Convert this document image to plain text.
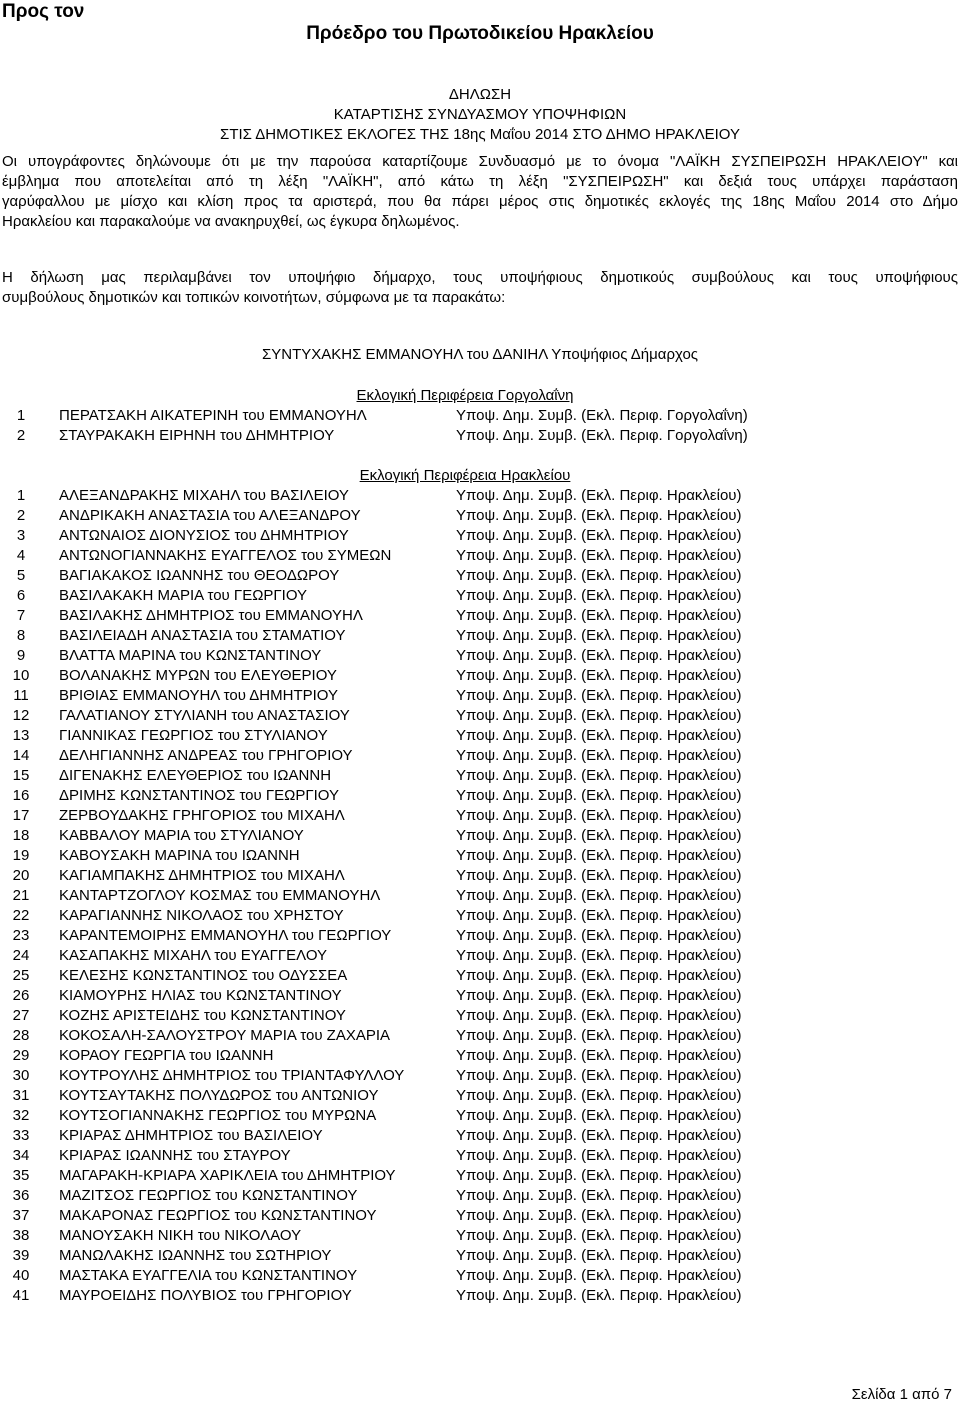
Προς τον
Πρόεδρο του Πρωτοδικείου Ηρακλείου
ΔΗΛΩΣΗ
ΚΑΤΑΡΤΙΣΗΣ ΣΥΝΔΥΑΣΜΟΥ ΥΠΟΨΗΦΙΩΝ
ΣΤΙΣ ΔΗΜΟΤΙΚΕΣ ΕΚΛΟΓΕΣ ΤΗΣ 18ης Μαΐου 2014 ΣΤΟ ΔΗΜΟ ΗΡΑΚΛΕΙΟΥ
Οι υπογράφοντες δηλώνουμε ότι με την παρούσα καταρτίζουμε Συνδυασμό με το όνομα "ΛΑΪΚΗ ΣΥΣΠΕΙΡΩΣΗ ΗΡΑΚΛΕΙΟΥ" και
έμβλημα που αποτελείται από τη λέξη "ΛΑΪΚΗ", από κάτω τη λέξη "ΣΥΣΠΕΙΡΩΣΗ" και δεξιά τους υπάρχει παράσταση
γαρύφαλλου με μίσχο και κλίση προς τα αριστερά, που θα πάρει μέρος στις δημοτικές εκλογές της 18ης Μαΐου 2014 στο Δήμο
Ηρακλείου και παρακαλούμε να ανακηρυχθεί, ως έγκυρα δηλωμένος.
Η δήλωση μας περιλαμβάνει τον υποψήφιο δήμαρχο, τους υποψήφιους δημοτικούς συμβούλους και τους υποψήφιους
συμβούλους δημοτικών και τοπικών κοινοτήτων, σύμφωνα με τα παρακάτω:
ΣΥΝΤΥΧΑΚΗΣ ΕΜΜΑΝΟΥΗΛ του ΔΑΝΙΗΛ Υποψήφιος Δήμαρχος
Εκλογική Περιφέρεια Γοργολαΐνη
1	ΠΕΡΑΤΣΑΚΗ ΑΙΚΑΤΕΡΙΝΗ του ΕΜΜΑΝΟΥΗΛ	Υποψ. Δημ. Συμβ. (Εκλ. Περιφ. Γοργολαΐνη)
2	ΣΤΑΥΡΑΚΑΚΗ ΕΙΡΗΝΗ του ΔΗΜΗΤΡΙΟΥ	Υποψ. Δημ. Συμβ. (Εκλ. Περιφ. Γοργολαΐνη)
Εκλογική Περιφέρεια Ηρακλείου
1	ΑΛΕΞΑΝΔΡΑΚΗΣ ΜΙΧΑΗΛ του ΒΑΣΙΛΕΙΟΥ	Υποψ. Δημ. Συμβ. (Εκλ. Περιφ. Ηρακλείου)
2	ΑΝΔΡΙΚΑΚΗ ΑΝΑΣΤΑΣΙΑ του ΑΛΕΞΑΝΔΡΟΥ	Υποψ. Δημ. Συμβ. (Εκλ. Περιφ. Ηρακλείου)
3	ΑΝΤΩΝΑΙΟΣ ΔΙΟΝΥΣΙΟΣ του ΔΗΜΗΤΡΙΟΥ	Υποψ. Δημ. Συμβ. (Εκλ. Περιφ. Ηρακλείου)
4	ΑΝΤΩΝΟΓΙΑΝΝΑΚΗΣ ΕΥΑΓΓΕΛΟΣ του ΣΥΜΕΩΝ	Υποψ. Δημ. Συμβ. (Εκλ. Περιφ. Ηρακλείου)
5	ΒΑΓΙΑΚΑΚΟΣ ΙΩΑΝΝΗΣ του ΘΕΟΔΩΡΟΥ	Υποψ. Δημ. Συμβ. (Εκλ. Περιφ. Ηρακλείου)
6	ΒΑΣΙΛΑΚΑΚΗ ΜΑΡΙΑ του ΓΕΩΡΓΙΟΥ	Υποψ. Δημ. Συμβ. (Εκλ. Περιφ. Ηρακλείου)
7	ΒΑΣΙΛΑΚΗΣ ΔΗΜΗΤΡΙΟΣ του ΕΜΜΑΝΟΥΗΛ	Υποψ. Δημ. Συμβ. (Εκλ. Περιφ. Ηρακλείου)
8	ΒΑΣΙΛΕΙΑΔΗ ΑΝΑΣΤΑΣΙΑ του ΣΤΑΜΑΤΙΟΥ	Υποψ. Δημ. Συμβ. (Εκλ. Περιφ. Ηρακλείου)
9	ΒΛΑΤΤΑ ΜΑΡΙΝΑ του ΚΩΝΣΤΑΝΤΙΝΟΥ	Υποψ. Δημ. Συμβ. (Εκλ. Περιφ. Ηρακλείου)
10	ΒΟΛΑΝΑΚΗΣ ΜΥΡΩΝ του ΕΛΕΥΘΕΡΙΟΥ	Υποψ. Δημ. Συμβ. (Εκλ. Περιφ. Ηρακλείου)
11	ΒΡΙΘΙΑΣ ΕΜΜΑΝΟΥΗΛ του ΔΗΜΗΤΡΙΟΥ	Υποψ. Δημ. Συμβ. (Εκλ. Περιφ. Ηρακλείου)
12	ΓΑΛΑΤΙΑΝΟΥ ΣΤΥΛΙΑΝΗ του ΑΝΑΣΤΑΣΙΟΥ	Υποψ. Δημ. Συμβ. (Εκλ. Περιφ. Ηρακλείου)
13	ΓΙΑΝΝΙΚΑΣ ΓΕΩΡΓΙΟΣ του ΣΤΥΛΙΑΝΟΥ	Υποψ. Δημ. Συμβ. (Εκλ. Περιφ. Ηρακλείου)
14	ΔΕΛΗΓΙΑΝΝΗΣ ΑΝΔΡΕΑΣ του ΓΡΗΓΟΡΙΟΥ	Υποψ. Δημ. Συμβ. (Εκλ. Περιφ. Ηρακλείου)
15	ΔΙΓΕΝΑΚΗΣ ΕΛΕΥΘΕΡΙΟΣ του ΙΩΑΝΝΗ	Υποψ. Δημ. Συμβ. (Εκλ. Περιφ. Ηρακλείου)
16	ΔΡΙΜΗΣ ΚΩΝΣΤΑΝΤΙΝΟΣ του ΓΕΩΡΓΙΟΥ	Υποψ. Δημ. Συμβ. (Εκλ. Περιφ. Ηρακλείου)
17	ΖΕΡΒΟΥΔΑΚΗΣ ΓΡΗΓΟΡΙΟΣ του ΜΙΧΑΗΛ	Υποψ. Δημ. Συμβ. (Εκλ. Περιφ. Ηρακλείου)
18	ΚΑΒΒΑΛΟΥ ΜΑΡΙΑ του ΣΤΥΛΙΑΝΟΥ	Υποψ. Δημ. Συμβ. (Εκλ. Περιφ. Ηρακλείου)
19	ΚΑΒΟΥΣΑΚΗ ΜΑΡΙΝΑ του ΙΩΑΝΝΗ	Υποψ. Δημ. Συμβ. (Εκλ. Περιφ. Ηρακλείου)
20	ΚΑΓΙΑΜΠΑΚΗΣ ΔΗΜΗΤΡΙΟΣ του ΜΙΧΑΗΛ	Υποψ. Δημ. Συμβ. (Εκλ. Περιφ. Ηρακλείου)
21	ΚΑΝΤΑΡΤΖΟΓΛΟΥ ΚΟΣΜΑΣ του ΕΜΜΑΝΟΥΗΛ	Υποψ. Δημ. Συμβ. (Εκλ. Περιφ. Ηρακλείου)
22	ΚΑΡΑΓΙΑΝΝΗΣ ΝΙΚΟΛΑΟΣ του ΧΡΗΣΤΟΥ	Υποψ. Δημ. Συμβ. (Εκλ. Περιφ. Ηρακλείου)
23	ΚΑΡΑΝΤΕΜΟΙΡΗΣ ΕΜΜΑΝΟΥΗΛ του ΓΕΩΡΓΙΟΥ	Υποψ. Δημ. Συμβ. (Εκλ. Περιφ. Ηρακλείου)
24	ΚΑΣΑΠΑΚΗΣ ΜΙΧΑΗΛ του ΕΥΑΓΓΕΛΟΥ	Υποψ. Δημ. Συμβ. (Εκλ. Περιφ. Ηρακλείου)
25	ΚΕΛΕΣΗΣ ΚΩΝΣΤΑΝΤΙΝΟΣ του ΟΔΥΣΣΕΑ	Υποψ. Δημ. Συμβ. (Εκλ. Περιφ. Ηρακλείου)
26	ΚΙΑΜΟΥΡΗΣ ΗΛΙΑΣ του ΚΩΝΣΤΑΝΤΙΝΟΥ	Υποψ. Δημ. Συμβ. (Εκλ. Περιφ. Ηρακλείου)
27	ΚΟΖΗΣ ΑΡΙΣΤΕΙΔΗΣ του ΚΩΝΣΤΑΝΤΙΝΟΥ	Υποψ. Δημ. Συμβ. (Εκλ. Περιφ. Ηρακλείου)
28	ΚΟΚΟΣΑΛΗ-ΣΑΛΟΥΣΤΡΟΥ ΜΑΡΙΑ του ΖΑΧΑΡΙΑ	Υποψ. Δημ. Συμβ. (Εκλ. Περιφ. Ηρακλείου)
29	ΚΟΡΑΟΥ ΓΕΩΡΓΙΑ του ΙΩΑΝΝΗ	Υποψ. Δημ. Συμβ. (Εκλ. Περιφ. Ηρακλείου)
30	ΚΟΥΤΡΟΥΛΗΣ ΔΗΜΗΤΡΙΟΣ του ΤΡΙΑΝΤΑΦΥΛΛΟΥ	Υποψ. Δημ. Συμβ. (Εκλ. Περιφ. Ηρακλείου)
31	ΚΟΥΤΣΑΥΤΑΚΗΣ ΠΟΛΥΔΩΡΟΣ του ΑΝΤΩΝΙΟΥ	Υποψ. Δημ. Συμβ. (Εκλ. Περιφ. Ηρακλείου)
32	ΚΟΥΤΣΟΓΙΑΝΝΑΚΗΣ ΓΕΩΡΓΙΟΣ του ΜΥΡΩΝΑ	Υποψ. Δημ. Συμβ. (Εκλ. Περιφ. Ηρακλείου)
33	ΚΡΙΑΡΑΣ ΔΗΜΗΤΡΙΟΣ του ΒΑΣΙΛΕΙΟΥ	Υποψ. Δημ. Συμβ. (Εκλ. Περιφ. Ηρακλείου)
34	ΚΡΙΑΡΑΣ ΙΩΑΝΝΗΣ του ΣΤΑΥΡΟΥ	Υποψ. Δημ. Συμβ. (Εκλ. Περιφ. Ηρακλείου)
35	ΜΑΓΑΡΑΚΗ-ΚΡΙΑΡΑ ΧΑΡΙΚΛΕΙΑ του ΔΗΜΗΤΡΙΟΥ	Υποψ. Δημ. Συμβ. (Εκλ. Περιφ. Ηρακλείου)
36	ΜΑΖΙΤΣΟΣ ΓΕΩΡΓΙΟΣ του ΚΩΝΣΤΑΝΤΙΝΟΥ	Υποψ. Δημ. Συμβ. (Εκλ. Περιφ. Ηρακλείου)
37	ΜΑΚΑΡΟΝΑΣ ΓΕΩΡΓΙΟΣ του ΚΩΝΣΤΑΝΤΙΝΟΥ	Υποψ. Δημ. Συμβ. (Εκλ. Περιφ. Ηρακλείου)
38	ΜΑΝΟΥΣΑΚΗ ΝΙΚΗ του ΝΙΚΟΛΑΟΥ	Υποψ. Δημ. Συμβ. (Εκλ. Περιφ. Ηρακλείου)
39	ΜΑΝΩΛΑΚΗΣ ΙΩΑΝΝΗΣ του ΣΩΤΗΡΙΟΥ	Υποψ. Δημ. Συμβ. (Εκλ. Περιφ. Ηρακλείου)
40	ΜΑΣΤΑΚΑ ΕΥΑΓΓΕΛΙΑ του ΚΩΝΣΤΑΝΤΙΝΟΥ	Υποψ. Δημ. Συμβ. (Εκλ. Περιφ. Ηρακλείου)
41	ΜΑΥΡΟΕΙΔΗΣ ΠΟΛΥΒΙΟΣ του ΓΡΗΓΟΡΙΟΥ	Υποψ. Δημ. Συμβ. (Εκλ. Περιφ. Ηρακλείου)
Σελίδα 1 από 7
